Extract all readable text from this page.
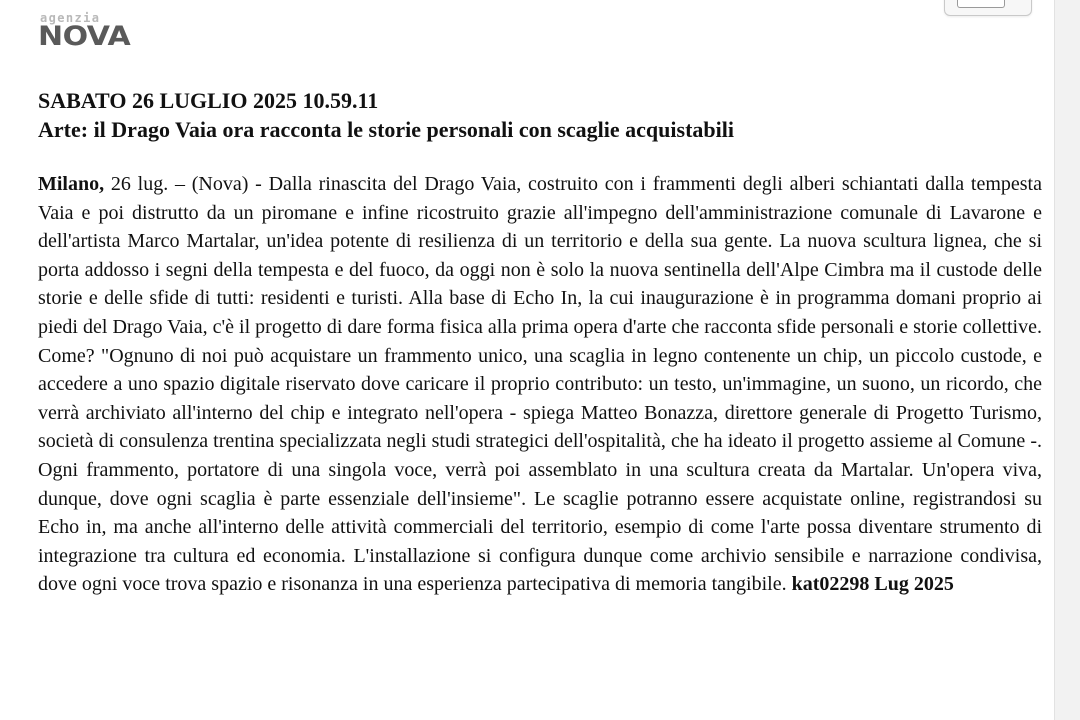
agenzia
NOVA
SABATO 26 LUGLIO 2025 10.59.11
Arte: il Drago Vaia ora racconta le storie personali con scaglie acquistabili
Milano, 26 lug. – (Nova) - Dalla rinascita del Drago Vaia, costruito con i frammenti degli alberi schiantati dalla tempesta Vaia e poi distrutto da un piromane e infine ricostruito grazie all'impegno dell'amministrazione comunale di Lavarone e dell'artista Marco Martalar, un'idea potente di resilienza di un territorio e della sua gente. La nuova scultura lignea, che si porta addosso i segni della tempesta e del fuoco, da oggi non è solo la nuova sentinella dell'Alpe Cimbra ma il custode delle storie e delle sfide di tutti: residenti e turisti. Alla base di Echo In, la cui inaugurazione è in programma domani proprio ai piedi del Drago Vaia, c'è il progetto di dare forma fisica alla prima opera d'arte che racconta sfide personali e storie collettive. Come? "Ognuno di noi può acquistare un frammento unico, una scaglia in legno contenente un chip, un piccolo custode, e accedere a uno spazio digitale riservato dove caricare il proprio contributo: un testo, un'immagine, un suono, un ricordo, che verrà archiviato all'interno del chip e integrato nell'opera - spiega Matteo Bonazza, direttore generale di Progetto Turismo, società di consulenza trentina specializzata negli studi strategici dell'ospitalità, che ha ideato il progetto assieme al Comune -. Ogni frammento, portatore di una singola voce, verrà poi assemblato in una scultura creata da Martalar. Un'opera viva, dunque, dove ogni scaglia è parte essenziale dell'insieme". Le scaglie potranno essere acquistate online, registrandosi su Echo in, ma anche all'interno delle attività commerciali del territorio, esempio di come l'arte possa diventare strumento di integrazione tra cultura ed economia. L'installazione si configura dunque come archivio sensibile e narrazione condivisa, dove ogni voce trova spazio e risonanza in una esperienza partecipativa di memoria tangibile. kat02298 Lug 2025
